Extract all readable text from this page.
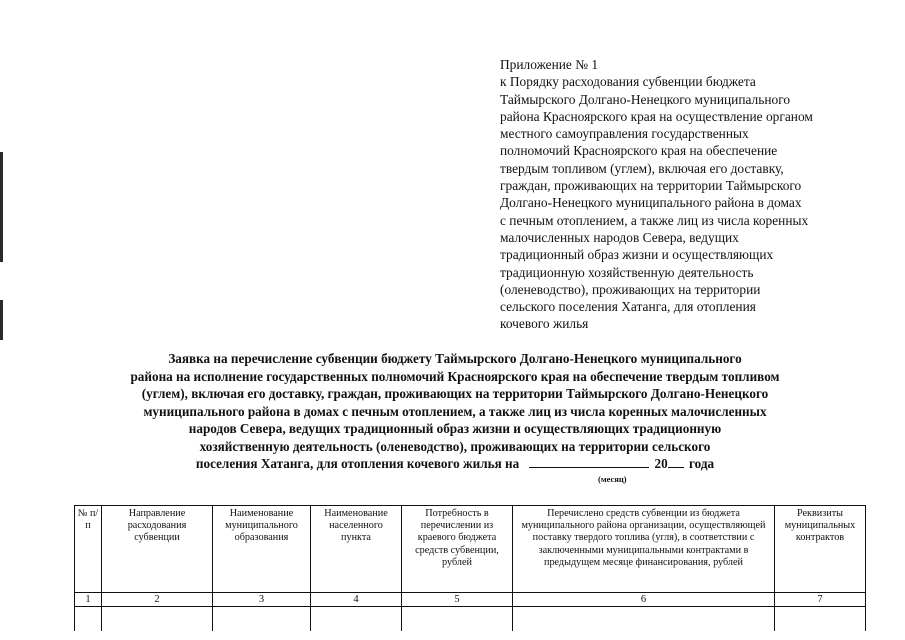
Приложение № 1
к Порядку расходования субвенции бюджета
Таймырского Долгано-Ненецкого муниципального
района Красноярского края на осуществление органом
местного самоуправления государственных
полномочий Красноярского края на обеспечение
твердым топливом (углем), включая его доставку,
граждан, проживающих на территории Таймырского
Долгано-Ненецкого муниципального района в домах
с печным отоплением, а также лиц из числа коренных
малочисленных народов Севера, ведущих
традиционный образ жизни и осуществляющих
традиционную хозяйственную деятельность
(оленеводство), проживающих на территории
сельского поселения Хатанга, для отопления
кочевого жилья
Заявка на перечисление субвенции бюджету Таймырского Долгано-Ненецкого муниципального
района на исполнение государственных полномочий Красноярского края на обеспечение твердым топливом
(углем), включая его доставку, граждан, проживающих на территории Таймырского Долгано-Ненецкого
муниципального района в домах с печным отоплением, а также лиц из числа коренных малочисленных
народов Севера, ведущих традиционный образ жизни и осуществляющих традиционную
хозяйственную деятельность (оленеводство), проживающих на территории сельского
поселения Хатанга, для отопления кочевого жилья на	20 года
(месяц)
№ п/п	Направление расходования субвенции	Наименование муниципального образования	Наименование населенного пункта	Потребность в перечислении из краевого бюджета средств субвенции, рублей	Перечислено средств субвенции из бюджета муниципального района организации, осуществляющей поставку твердого топлива (угля), в соответствии с заключенными муниципальными контрактами в предыдущем месяце финансирования, рублей	Реквизиты муниципальных контрактов
1	2	3	4	5	6	7
